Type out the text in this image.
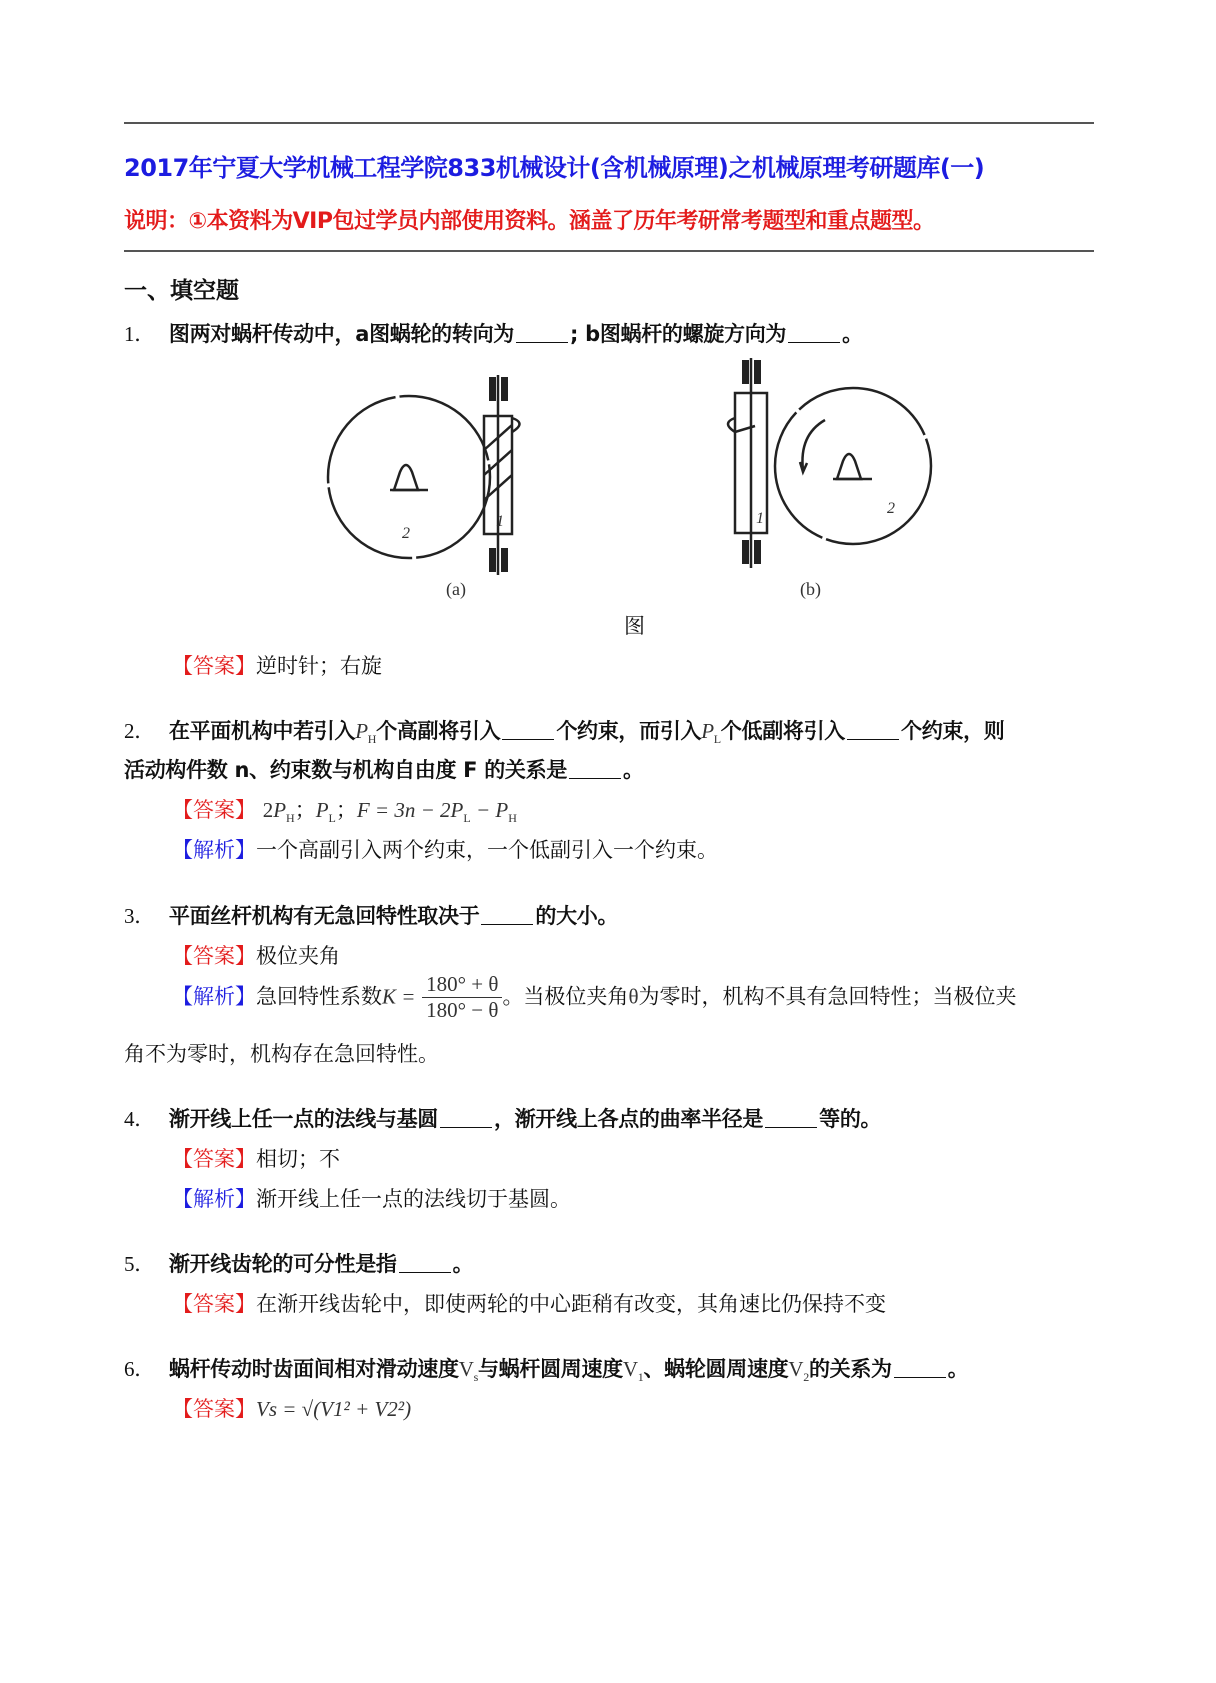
2017年宁夏大学机械工程学院833机械设计(含机械原理)之机械原理考研题库(一)
说明：①本资料为VIP包过学员内部使用资料。涵盖了历年考研常考题型和重点题型。
一、填空题
1． 图两对蜗杆传动中，a图蜗轮的转向为	; b图蜗杆的螺旋方向为	。
1
2
1
2
(a)	(b)
图
【答案】逆时针；右旋
2． 在平面机构中若引入$P_H$个高副将引入	个约束，而引入$P_L$个低副将引入	个约束，则
活动构件数 n、约束数与机构自由度 F 的关系是	。
【答案】 $2P_H$；$P_L$；$F = 3n - 2P_L - P_H$
【解析】一个高副引入两个约束，一个低副引入一个约束。
3． 平面丝杆机构有无急回特性取决于	的大小。
【答案】极位夹角
【解析】急回特性系数$K = \frac{180^\circ + \theta}{180^\circ - \theta}$ 。当极位夹角θ为零时，机构不具有急回特性；当极位夹
角不为零时，机构存在急回特性。
4． 渐开线上任一点的法线与基圆	，渐开线上各点的曲率半径是	等的。
【答案】相切；不
【解析】渐开线上任一点的法线切于基圆。
5． 渐开线齿轮的可分性是指	。
【答案】在渐开线齿轮中，即使两轮的中心距稍有改变，其角速比仍保持不变
6． 蜗杆传动时齿面间相对滑动速度$V_s$与蜗杆圆周速度$V_1$、蜗轮圆周速度$V_2$的关系为	。
【答案】Vs = √(V1² + V2²)
